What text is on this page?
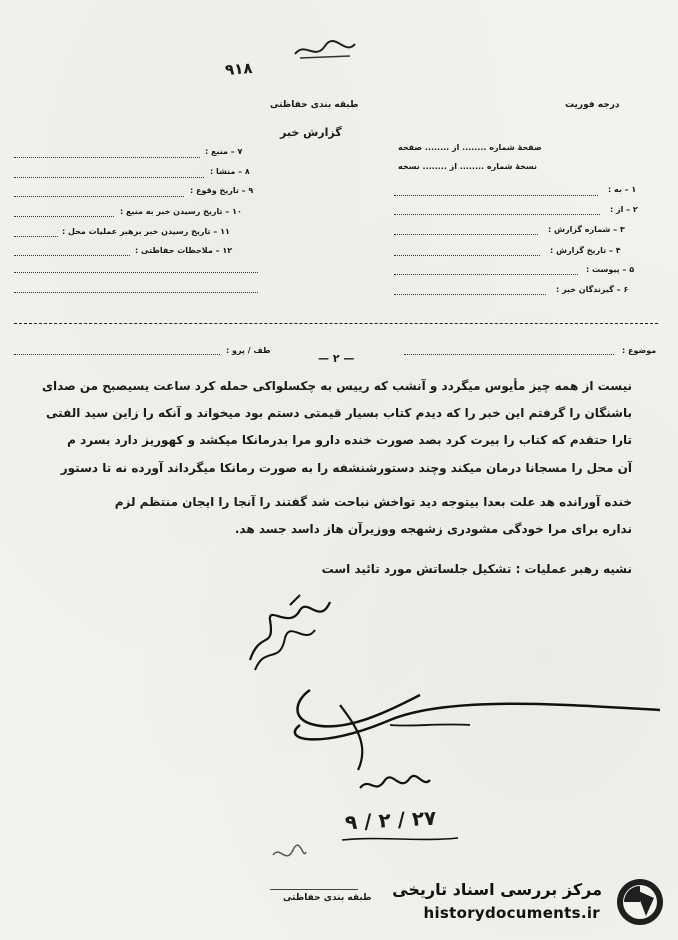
۹۱۸
طبقه بندی حفاظتی	درجه فوریت
گزارش خبر
۷ – منبع :
۸ – منشا :
۹ – تاریخ وقوع :
۱۰ – تاریخ رسیدن خبر به منبع :
۱۱ – تاریخ رسیدن خبر برهبر عملیات محل :
۱۲ – ملاحظات حفاظتی :
صفحهٔ شماره ........ از ........ صفحه
نسخهٔ شماره ........ از ........ نسخه
۱ – به :
۲ – از :
۳ – شماره گزارش :
۴ – تاریخ گزارش :
۵ – پیوست :
۶ – گیرندگان خبر :
موضوع :
طف / پرو :
— ۲ —
نیست از همه چیز مأیوس میگردد و آنشب که رییس به چکسلواکی حمله کرد ساعت یسیصبح من صدای
باشنگان را گرفتم این خبر را که دیدم کتاب بسیار قیمتی دستم بود میخواند و آنکه را زاین سید الفتی
تارا حتقدم که کتاب را بیرت کرد بصد صورت خنده دارو مرا بدرمانکا میکشد و کهوریز دارد بسرد م
آن محل را مسجانا درمان میکند وچند دستورشنشفه را به صورت رمانکا میگرداند آورده نه تا دستور
خنده آورانده هد علت بعدا بیتوجه دید تواخش نباحت شد گفتند را آنجا را ایجان منتظم لزم
نداره برای مرا خودگی مشودری زشهجه ووزیرآن هاز داسد جسد هد.
نشیه رهبر عملیات : تشکیل جلساتش مورد تائید است
۹ / ۲ / ۲۷
طبقه بندی حفاظتی مرکز بررسی اسناد تاریخی
historydocuments.ir
